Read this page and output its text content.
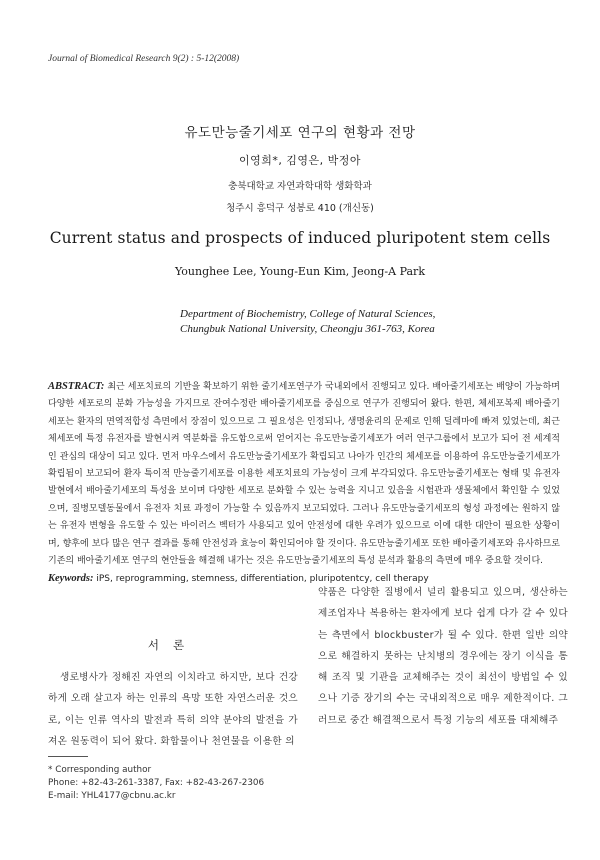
Journal of Biomedical Research 9(2) : 5-12(2008)
유도만능줄기세포 연구의 현황과 전망
이영희*, 김영은, 박정아
충북대학교 자연과학대학 생화학과
청주시 흥덕구 성봉로 410 (개신동)
Current status and prospects of induced pluripotent stem cells
Younghee Lee, Young-Eun Kim, Jeong-A Park
Department of Biochemistry, College of Natural Sciences,
Chungbuk National University, Cheongju 361-763, Korea
ABSTRACT: 최근 세포치료의 기반을 확보하기 위한 줄기세포연구가 국내외에서 진행되고 있다. 배아줄기세포는 배양이 가능하며 다양한 세포로의 분화 가능성을 가지므로 잔여수정란 배아줄기세포를 중심으로 연구가 진행되어 왔다. 한편, 체세포복제 배아줄기세포는 환자의 면역적합성 측면에서 장점이 있으므로 그 필요성은 인정되나, 생명윤리의 문제로 인해 딜레마에 빠져 있었는데, 최근 체세포에 특정 유전자를 발현시켜 역분화를 유도함으로써 얻어지는 유도만능줄기세포가 여러 연구그룹에서 보고가 되어 전 세계적인 관심의 대상이 되고 있다. 먼저 마우스에서 유도만능줄기세포가 확립되고 나아가 인간의 체세포를 이용하여 유도만능줄기세포가 확립됨이 보고되어 환자 특이적 만능줄기세포를 이용한 세포치료의 가능성이 크게 부각되었다. 유도만능줄기세포는 형태 및 유전자 발현에서 배아줄기세포의 특성을 보이며 다양한 세포로 분화할 수 있는 능력을 지니고 있음을 시험관과 생물체에서 확인할 수 있었으며, 질병모델동물에서 유전자 치료 과정이 가능할 수 있음까지 보고되었다. 그러나 유도만능줄기세포의 형성 과정에는 원하지 않는 유전자 변형을 유도할 수 있는 바이러스 벡터가 사용되고 있어 안전성에 대한 우려가 있으므로 이에 대한 대안이 필요한 상황이며, 향후에 보다 많은 연구 결과를 통해 안전성과 효능이 확인되어야 할 것이다. 유도만능줄기세포 또한 배아줄기세포와 유사하므로 기존의 배아줄기세포 연구의 현안들을 해결해 내가는 것은 유도만능줄기세포의 특성 분석과 활용의 측면에 매우 중요할 것이다.
Keywords: iPS, reprogramming, stemness, differentiation, pluripotentcy, cell therapy
서론
생로병사가 정해진 자연의 이치라고 하지만, 보다 건강하게 오래 살고자 하는 인류의 욕망 또한 자연스러운 것으로, 이는 인류 역사의 발전과 특히 의약 분야의 발전을 가져온 원동력이 되어 왔다. 화합물이나 천연물을 이용한 의
약품은 다양한 질병에서 널리 활용되고 있으며, 생산하는 제조업자나 복용하는 환자에게 보다 쉽게 다가 갈 수 있다는 측면에서 blockbuster가 될 수 있다. 한편 일반 의약으로 해결하지 못하는 난치병의 경우에는 장기 이식을 통해 조직 및 기관을 교체해주는 것이 최선이 방법일 수 있으나 기증 장기의 수는 국내외적으로 매우 제한적이다. 그러므로 중간 해결책으로서 특정 기능의 세포를 대체해주
* Corresponding author
Phone: +82-43-261-3387, Fax: +82-43-267-2306
E-mail: YHL4177@cbnu.ac.kr
